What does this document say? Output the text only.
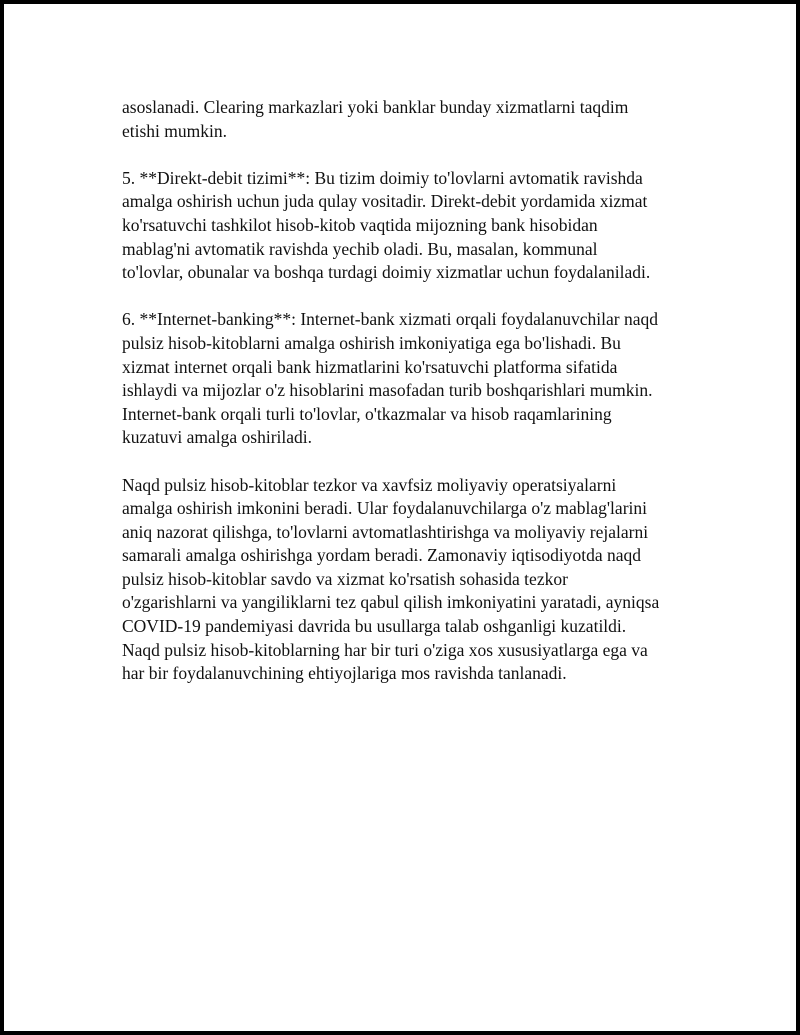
asoslanadi. Clearing markazlari yoki banklar bunday xizmatlarni taqdim
etishi mumkin.

5. **Direkt-debit tizimi**: Bu tizim doimiy to'lovlarni avtomatik ravishda
amalga oshirish uchun juda qulay vositadir. Direkt-debit yordamida xizmat
ko'rsatuvchi tashkilot hisob-kitob vaqtida mijozning bank hisobidan
mablag'ni avtomatik ravishda yechib oladi. Bu, masalan, kommunal
to'lovlar, obunalar va boshqa turdagi doimiy xizmatlar uchun foydalaniladi.

6. **Internet-banking**: Internet-bank xizmati orqali foydalanuvchilar naqd
pulsiz hisob-kitoblarni amalga oshirish imkoniyatiga ega bo'lishadi. Bu
xizmat internet orqali bank hizmatlarini ko'rsatuvchi platforma sifatida
ishlaydi va mijozlar o'z hisoblarini masofadan turib boshqarishlari mumkin.
Internet-bank orqali turli to'lovlar, o'tkazmalar va hisob raqamlarining
kuzatuvi amalga oshiriladi.

Naqd pulsiz hisob-kitoblar tezkor va xavfsiz moliyaviy operatsiyalarni
amalga oshirish imkonini beradi. Ular foydalanuvchilarga o'z mablag'larini
aniq nazorat qilishga, to'lovlarni avtomatlashtirishga va moliyaviy rejalarni
samarali amalga oshirishga yordam beradi. Zamonaviy iqtisodiyotda naqd
pulsiz hisob-kitoblar savdo va xizmat ko'rsatish sohasida tezkor
o'zgarishlarni va yangiliklarni tez qabul qilish imkoniyatini yaratadi, ayniqsa
COVID-19 pandemiyasi davrida bu usullarga talab oshganligi kuzatildi.
Naqd pulsiz hisob-kitoblarning har bir turi o'ziga xos xususiyatlarga ega va
har bir foydalanuvchining ehtiyojlariga mos ravishda tanlanadi.
